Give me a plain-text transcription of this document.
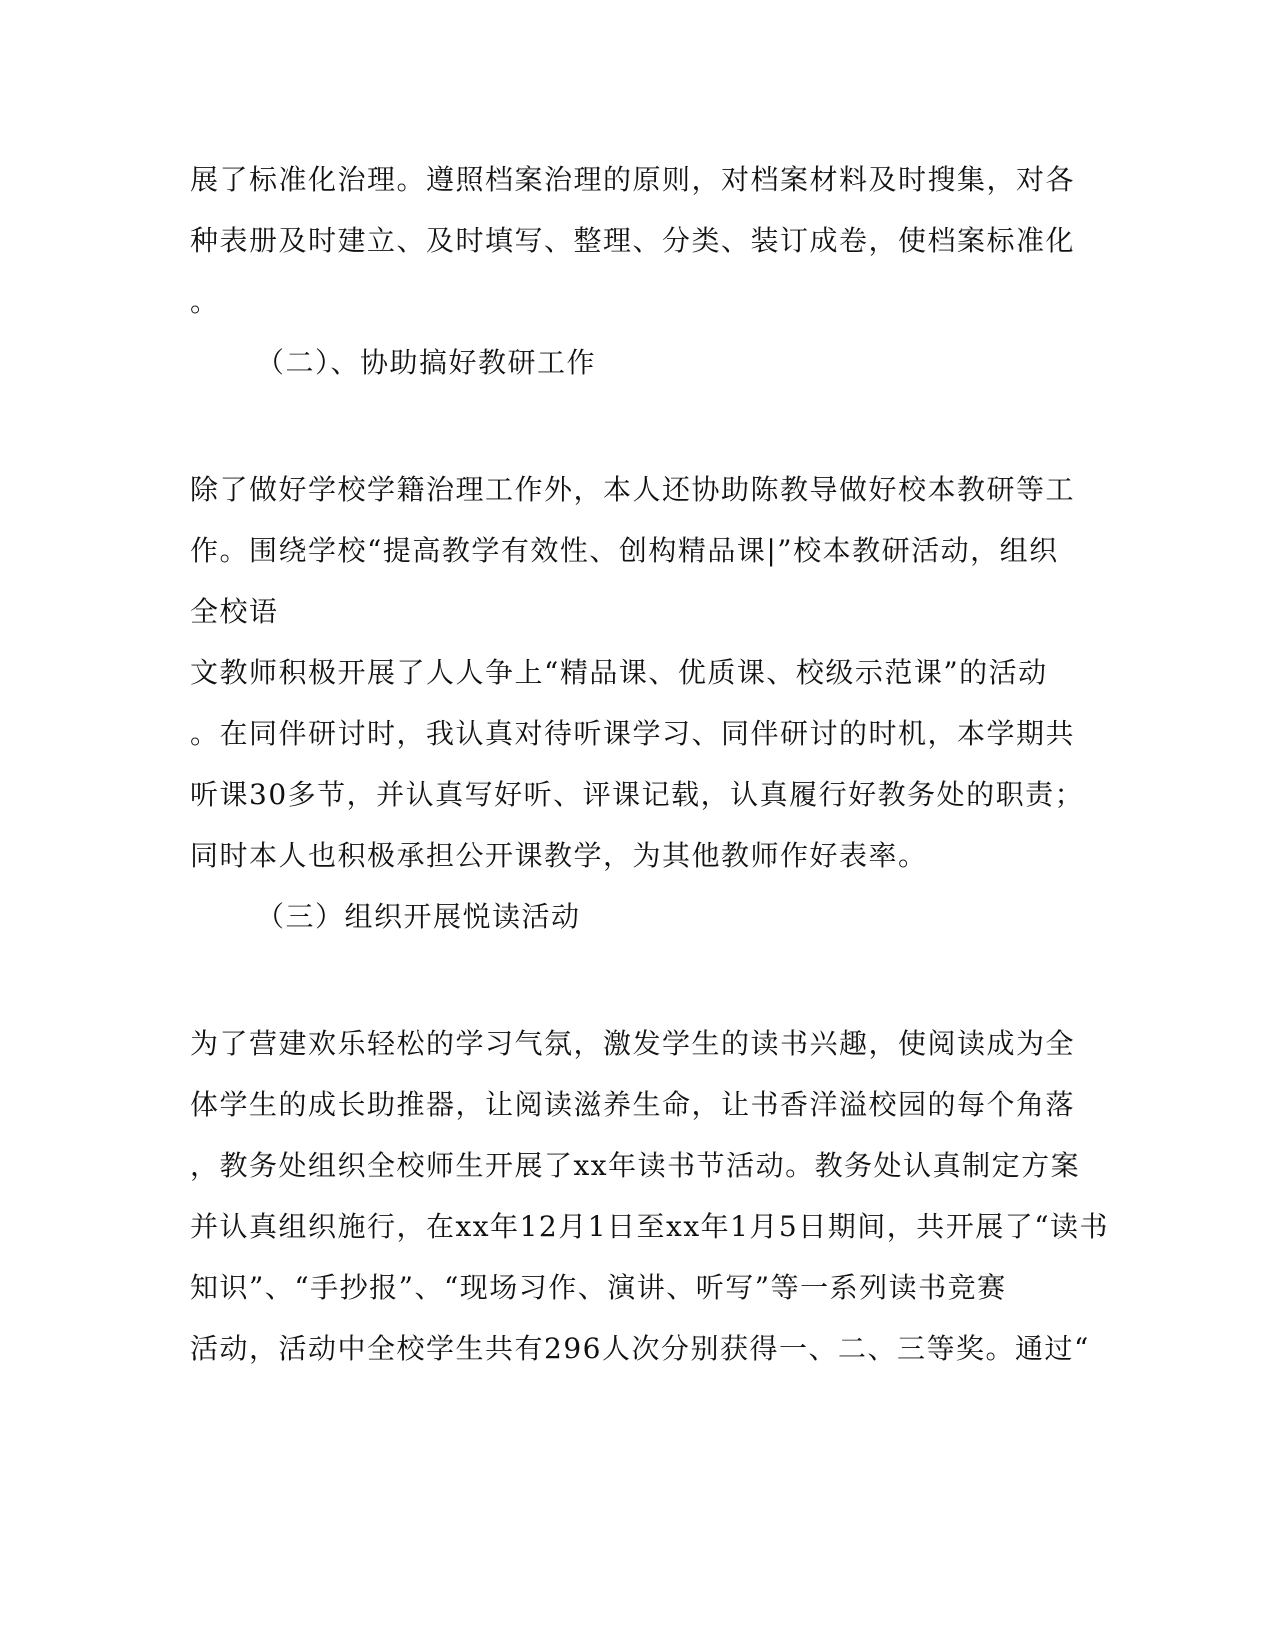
展了标准化治理。遵照档案治理的原则，对档案材料及时搜集，对各
种表册及时建立、及时填写、整理、分类、装订成卷，使档案标准化
。
（二）、协助搞好教研工作
除了做好学校学籍治理工作外，本人还协助陈教导做好校本教研等工
作。围绕学校“提高教学有效性、创构精品课|”校本教研活动，组织
全校语
文教师积极开展了人人争上“精品课、优质课、校级示范课”的活动
。在同伴研讨时，我认真对待听课学习、同伴研讨的时机，本学期共
听课30多节，并认真写好听、评课记载，认真履行好教务处的职责；
同时本人也积极承担公开课教学，为其他教师作好表率。
（三）组织开展悦读活动
为了营建欢乐轻松的学习气氛，激发学生的读书兴趣，使阅读成为全
体学生的成长助推器，让阅读滋养生命，让书香洋溢校园的每个角落
，教务处组织全校师生开展了xx年读书节活动。教务处认真制定方案
并认真组织施行，在xx年12月1日至xx年1月5日期间，共开展了“读书
知识”、“手抄报”、“现场习作、演讲、听写”等一系列读书竞赛
活动，活动中全校学生共有296人次分别获得一、二、三等奖。通过“
